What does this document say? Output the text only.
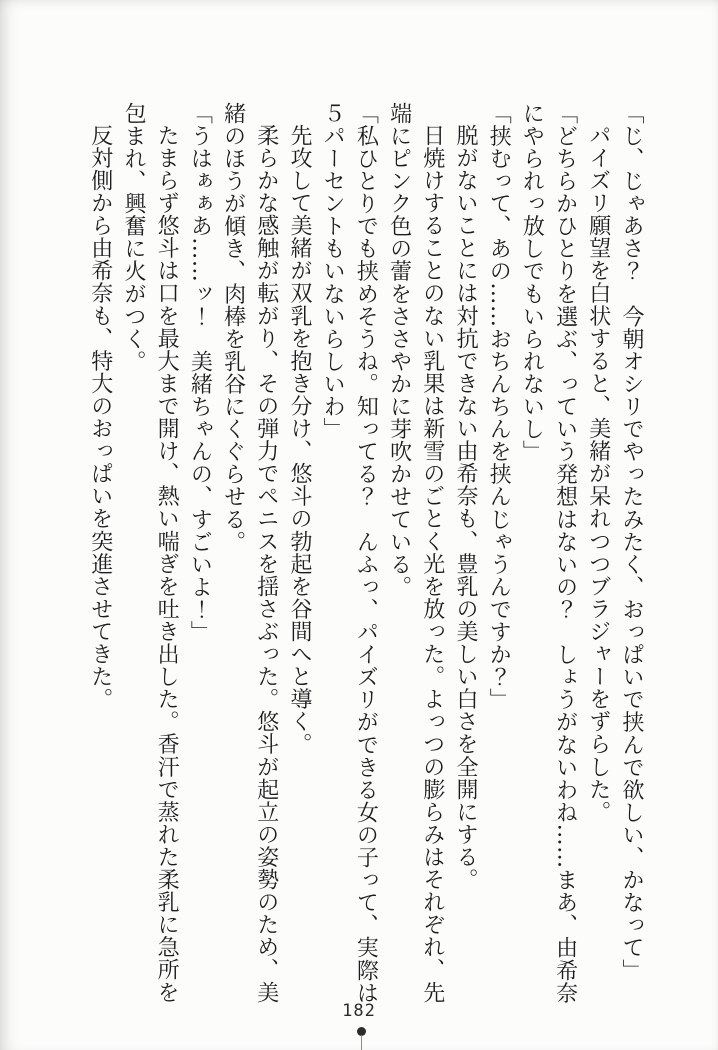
「じ、じゃあさ？　今朝オシリでやったみたく、おっぱいで挟んで欲しい、かなって」
パイズリ願望を白状すると、美緒が呆れつつブラジャーをずらした。
「どちらかひとりを選ぶ、っていう発想はないの？　しょうがないわね……まあ、由希奈
にやられっ放しでもいられないし」
「挟むって、あの……おちんちんを挟んじゃうんですか？」
脱がないことには対抗できない由希奈も、豊乳の美しい白さを全開にする。
日焼けすることのない乳果は新雪のごとく光を放った。よっつの膨らみはそれぞれ、先
端にピンク色の蕾をささやかに芽吹かせている。
「私ひとりでも挟めそうね。知ってる？　んふっ、パイズリができる女の子って、実際は
５パーセントもいないらしいわ」
先攻して美緒が双乳を抱き分け、悠斗の勃起を谷間へと導く。
柔らかな感触が転がり、その弾力でペニスを揺さぶった。悠斗が起立の姿勢のため、美
緒のほうが傾き、肉棒を乳谷にくぐらせる。
「うはぁぁあ……ッ！　美緒ちゃんの、すごいよ！」
たまらず悠斗は口を最大まで開け、熱い喘ぎを吐き出した。香汗で蒸れた柔乳に急所を
包まれ、興奮に火がつく。
反対側から由希奈も、特大のおっぱいを突進させてきた。
182
